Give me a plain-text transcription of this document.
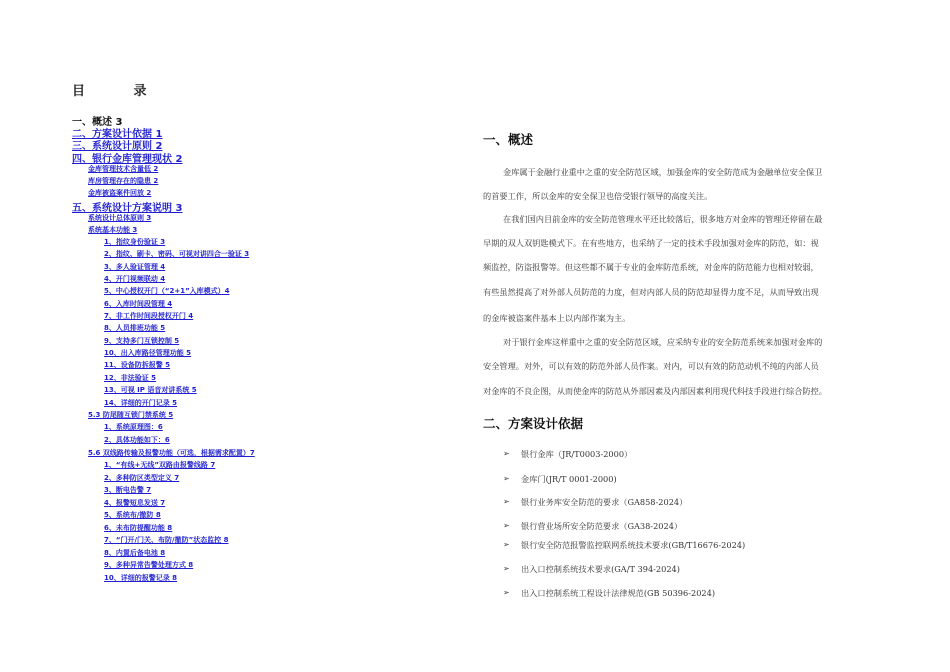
目 录
一、概述 3
二、方案设计依据 1
三、系统设计原则 2
四、银行金库管理现状 2
金库管理技术含量低 2
库房管理存在的隐患 2
金库被盗案件回放 2
五、系统设计方案说明 3
系统设计总体原则 3
系统基本功能 3
1、指纹身份验证 3
2、指纹、刷卡、密码、可视对讲四合一验证 3
3、多人验证管理 4
4、开门视频联动 4
5、中心授权开门（“2+1”入库模式）4
6、入库时间段管理 4
7、非工作时间段授权开门 4
8、人员排班功能 5
9、支持多门互锁控制 5
10、出入库路径管理功能 5
11、设备防拆报警 5
12、非法验证 5
13、可视 IP 语音对讲系统 5
14、详细的开门记录 5
5.3 防尾随互锁门禁系统 5
1、系统原理图：6
2、具体功能如下：6
5.6 双线路传输及报警功能（可选，根据需求配置）7
1、“有线+无线”双路由报警线路 7
2、多种防区类型定义 7
3、断电告警 7
4、报警短息发送 7
5、系统布/撤防 8
6、未布防提醒功能 8
7、“门开/门关、布防/撤防”状态监控 8
8、内置后备电池 8
9、多种异常告警处理方式 8
10、详细的报警记录 8
一、概述
金库属于金融行业重中之重的安全防范区域，加强金库的安全防范成为金融单位安全保卫
的首要工作，所以金库的安全保卫也倍受银行领导的高度关注。
在我们国内目前金库的安全防范管理水平还比较落后，很多地方对金库的管理还停留在最
早期的双人双钥匙模式下。在有些地方，也采纳了一定的技术手段加强对金库的防范，如：视
频监控，防盗报警等。但这些都不属于专业的金库防范系统，对金库的防范能力也相对较弱，
有些虽然提高了对外部人员防范的力度，但对内部人员的防范却显得力度不足，从而导致出现
的金库被盗案件基本上以内部作案为主。
对于银行金库这样重中之重的安全防范区域，应采纳专业的安全防范系统来加强对金库的
安全管理。对外，可以有效的防范外部人员作案。对内，可以有效的防范动机不纯的内部人员
对金库的不良企图，从而使金库的防范从外部因素及内部因素利用现代科技手段进行综合防控。
二、方案设计依据
➢ 银行金库（JR/T0003-2000）
➢ 金库门(JR/T 0001-2000)
➢ 银行业务库安全防范的要求（GA858-2024）
➢ 银行营业场所安全防范要求（GA38-2024）
➢ 银行安全防范报警监控联网系统技术要求(GB/T16676-2024)
➢ 出入口控制系统技术要求(GA/T 394-2024)
➢ 出入口控制系统工程设计法律规范(GB 50396-2024)
